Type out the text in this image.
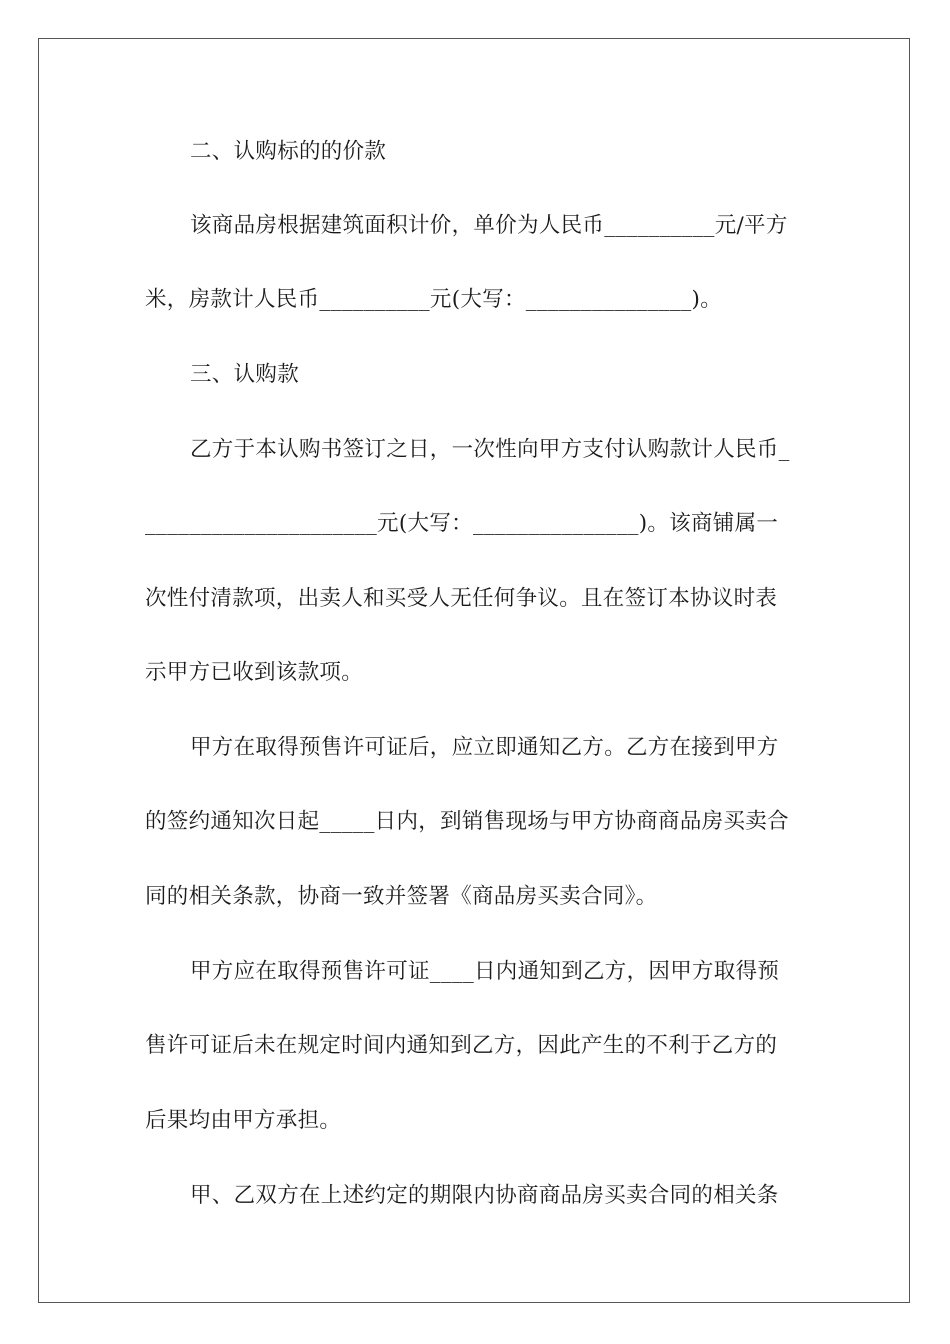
二、认购标的的价款

该商品房根据建筑面积计价，单价为人民币__________元/平方

米，房款计人民币__________元(大写：_______________)。

三、认购款

乙方于本认购书签订之日，一次性向甲方支付认购款计人民币_

_____________________元(大写：_______________)。该商铺属一

次性付清款项，出卖人和买受人无任何争议。且在签订本协议时表

示甲方已收到该款项。

甲方在取得预售许可证后，应立即通知乙方。乙方在接到甲方

的签约通知次日起_____日内，到销售现场与甲方协商商品房买卖合

同的相关条款，协商一致并签署《商品房买卖合同》。

甲方应在取得预售许可证____日内通知到乙方，因甲方取得预

售许可证后未在规定时间内通知到乙方，因此产生的不利于乙方的

后果均由甲方承担。

甲、乙双方在上述约定的期限内协商商品房买卖合同的相关条
